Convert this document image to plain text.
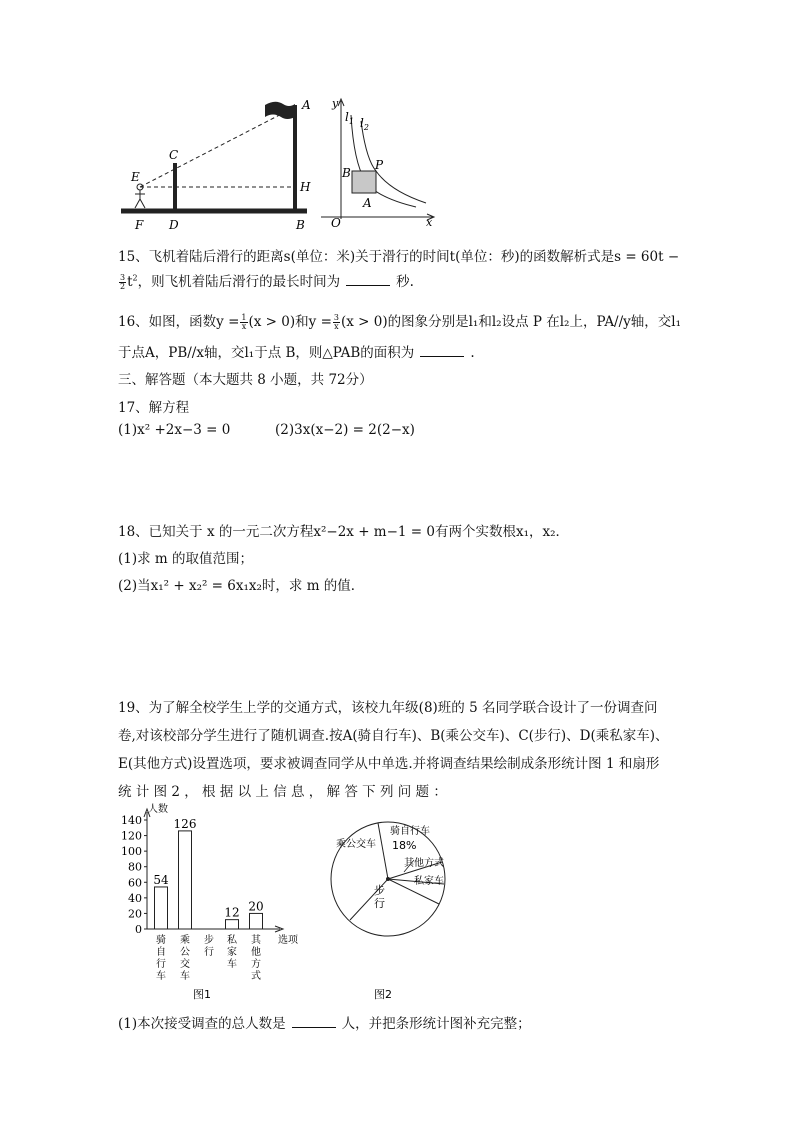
A
B
C
D
E
F
H
y
x
O
$l_1$ $l_2$
P
B
A
15、飞机着陆后滑行的距离s(单位：米)关于滑行的时间t(单位：秒)的函数解析式是s = 60t −
$\frac{3}{2} t^2$，则飞机着陆后滑行的最长时间为	秒.
16、如图，函数$y = \frac{1}{x} (x > 0)$和$y = \frac{3}{x} (x > 0)$的图象分别是l₁和l₂设点 P 在l₂上，PA//y轴，交l₁
于点A，PB//x轴，交l₁于点 B，则△PAB的面积为	.
三、解答题（本大题共 8 小题，共 72分）
17、解方程
(1)x² +2x−3 = 0	(2)3x(x−2) = 2(2−x)
18、已知关于 x 的一元二次方程x²−2x + m−1 = 0有两个实数根x₁，x₂．
(1)求 m 的取值范围；
(2)当x₁² + x₂² = 6x₁x₂时，求 m 的值．
19、为了解全校学生上学的交通方式，该校九年级(8)班的 5 名同学联合设计了一份调查问
卷,对该校部分学生进行了随机调查.按A(骑自行车)、B(乘公交车)、C(步行)、D(乘私家车)、
E(其他方式)设置选项，要求被调查同学从中单选.并将调查结果绘制成条形统计图 1 和扇形
统 计 图 2 ， 根 据 以 上 信 息 ， 解 答 下 列 问 题 ：
人数
选项
图1
0
20
40
60
80
100
120
140
54
骑
自
行
车
126
乘
公
交
车
步
行
12
私
家
车
20
其
他
方
式
骑自行车
18%
其他方式
私家车
步行
乘公交车
图2
(1)本次接受调查的总人数是	人，并把条形统计图补充完整；
